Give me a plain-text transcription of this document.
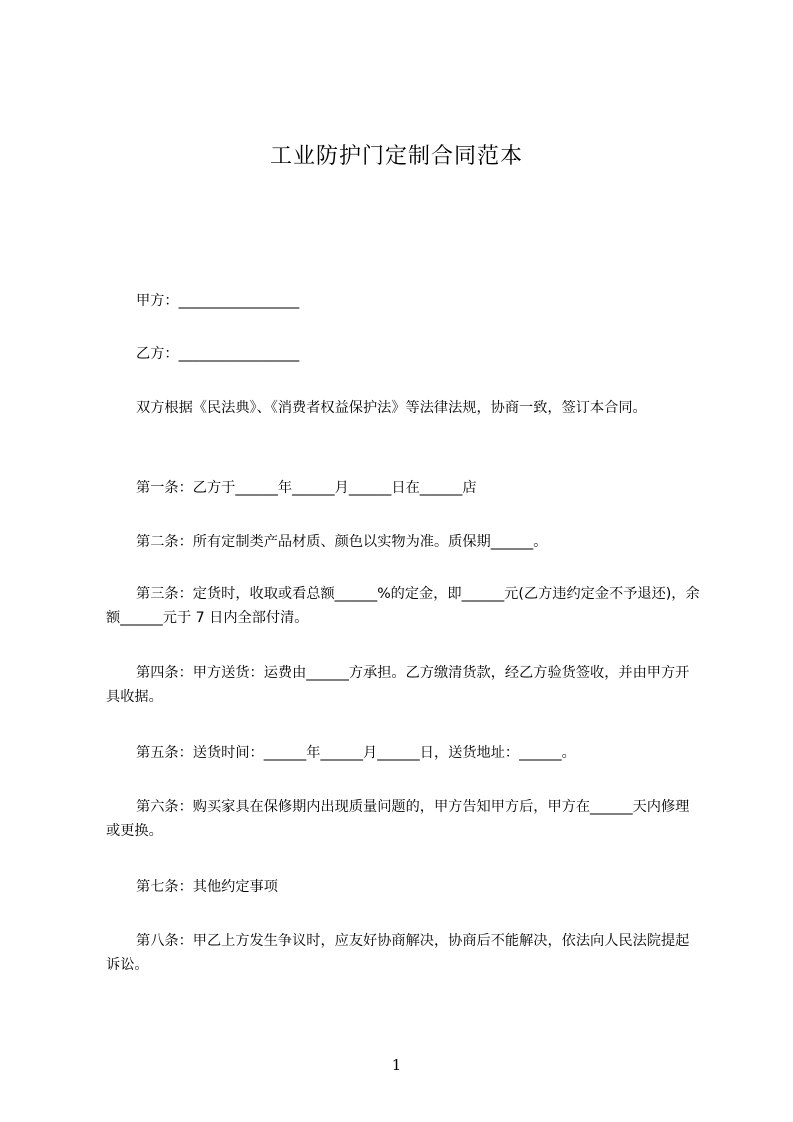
工业防护门定制合同范本
甲方：_________________
乙方：_________________
双方根据《民法典》、《消费者权益保护法》等法律法规，协商一致，签订本合同。
第一条：乙方于______年______月______日在______店
第二条：所有定制类产品材质、颜色以实物为准。质保期______。
第三条：定货时，收取或看总额______%的定金，即______元(乙方违约定金不予退还)，余额______元于 7 日内全部付清。
第四条：甲方送货：运费由______方承担。乙方缴清货款，经乙方验货签收，并由甲方开具收据。
第五条：送货时间：______年______月______日，送货地址：______。
第六条：购买家具在保修期内出现质量问题的，甲方告知甲方后，甲方在______天内修理或更换。
第七条：其他约定事项
第八条：甲乙上方发生争议时，应友好协商解决，协商后不能解决，依法向人民法院提起诉讼。
1
